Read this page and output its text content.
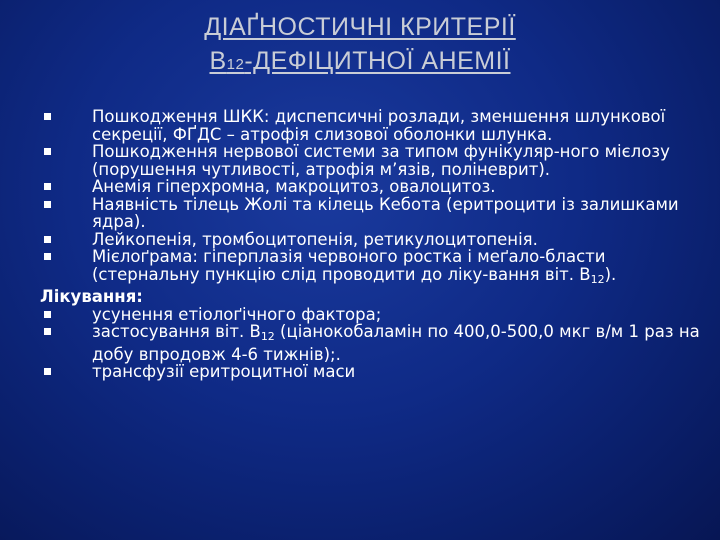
ДІАҐНОСТИЧНІ КРИТЕРІЇ
В12-ДЕФІЦИТНОЇ АНЕМІЇ
Пошкодження ШКК: диспепсичні розлади, зменшення шлункової секреції, ФҐДС – атрофія слизової оболонки шлунка.
Пошкодження нервової системи за типом фунікуляр-ного мієлозу (порушення чутливості, атрофія м’язів, поліневрит).
Анемія гіперхромна, макроцитоз, овалоцитоз.
Наявність тілець Жолі та кілець Кебота (еритроцити із залишками ядра).
Лейкопенія, тромбоцитопенія, ретикулоцитопенія.
Мієлоґрама: гіперплазія червоного ростка і меґало-бласти (стернальну пункцію слід проводити до ліку-вання віт. $В_{12}$).
Лікування:
усунення етіолоґічного фактора;
застосування віт. $В_{12}$ (ціанокобаламін по 400,0-500,0 мкг в/м 1 раз на добу впродовж 4-6 тижнів);.
трансфузії еритроцитної маси
